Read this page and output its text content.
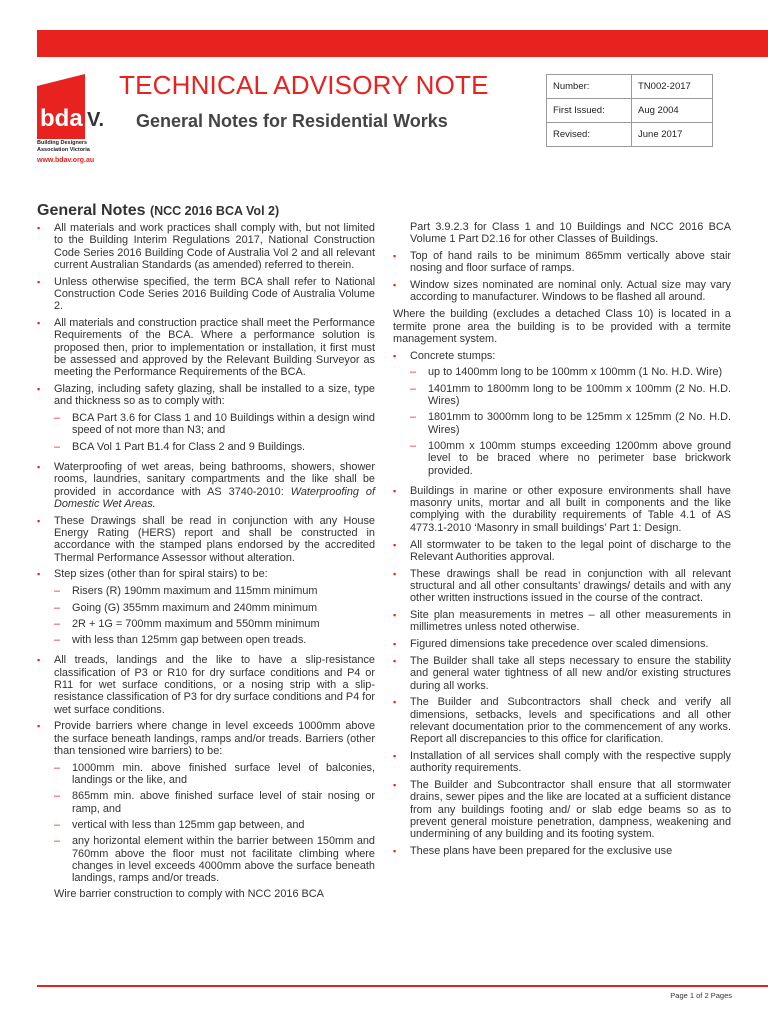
bda V.
Building Designers
Association Victoria
www.bdav.org.au
TECHNICAL ADVISORY NOTE
General Notes for Residential Works
Number:	TN002-2017
First Issued:	Aug 2004
Revised:	June 2017
General Notes (NCC 2016 BCA Vol 2)
▪ All materials and work practices shall comply with, but not limited to the Building Interim Regulations 2017, National Construction Code Series 2016 Building Code of Australia Vol 2 and all relevant current Australian Standards (as amended) referred to therein.
▪ Unless otherwise specified, the term BCA shall refer to National Construction Code Series 2016 Building Code of Australia Volume 2.
▪ All materials and construction practice shall meet the Performance Requirements of the BCA. Where a performance solution is proposed then, prior to implementation or installation, it first must be assessed and approved by the Relevant Building Surveyor as meeting the Performance Requirements of the BCA.
▪ Glazing, including safety glazing, shall be installed to a size, type and thickness so as to comply with:
– BCA Part 3.6 for Class 1 and 10 Buildings within a design wind speed of not more than N3; and
– BCA Vol 1 Part B1.4 for Class 2 and 9 Buildings.
▪ Waterproofing of wet areas, being bathrooms, showers, shower rooms, laundries, sanitary compartments and the like shall be provided in accordance with AS 3740-2010: Waterproofing of Domestic Wet Areas.
▪ These Drawings shall be read in conjunction with any House Energy Rating (HERS) report and shall be constructed in accordance with the stamped plans endorsed by the accredited Thermal Performance Assessor without alteration.
▪ Step sizes (other than for spiral stairs) to be:
– Risers (R) 190mm maximum and 115mm minimum
– Going (G) 355mm maximum and 240mm minimum
– 2R + 1G = 700mm maximum and 550mm minimum
– with less than 125mm gap between open treads.
▪ All treads, landings and the like to have a slip-resistance classification of P3 or R10 for dry surface conditions and P4 or R11 for wet surface conditions, or a nosing strip with a slip-resistance classification of P3 for dry surface conditions and P4 for wet surface conditions.
▪ Provide barriers where change in level exceeds 1000mm above the surface beneath landings, ramps and/or treads. Barriers (other than tensioned wire barriers) to be:
– 1000mm min. above finished surface level of balconies, landings or the like, and
– 865mm min. above finished surface level of stair nosing or ramp, and
– vertical with less than 125mm gap between, and
– any horizontal element within the barrier between 150mm and 760mm above the floor must not facilitate climbing where changes in level exceeds 4000mm above the surface beneath landings, ramps and/or treads.
Wire barrier construction to comply with NCC 2016 BCA
Part 3.9.2.3 for Class 1 and 10 Buildings and NCC 2016 BCA Volume 1 Part D2.16 for other Classes of Buildings.
▪ Top of hand rails to be minimum 865mm vertically above stair nosing and floor surface of ramps.
▪ Window sizes nominated are nominal only. Actual size may vary according to manufacturer. Windows to be flashed all around.
Where the building (excludes a detached Class 10) is located in a termite prone area the building is to be provided with a termite management system.
▪ Concrete stumps:
– up to 1400mm long to be 100mm x 100mm (1 No. H.D. Wire)
– 1401mm to 1800mm long to be 100mm x 100mm (2 No. H.D. Wires)
– 1801mm to 3000mm long to be 125mm x 125mm (2 No. H.D. Wires)
– 100mm x 100mm stumps exceeding 1200mm above ground level to be braced where no perimeter base brickwork provided.
▪ Buildings in marine or other exposure environments shall have masonry units, mortar and all built in components and the like complying with the durability requirements of Table 4.1 of AS 4773.1-2010 ‘Masonry in small buildings’ Part 1: Design.
▪ All stormwater to be taken to the legal point of discharge to the Relevant Authorities approval.
▪ These drawings shall be read in conjunction with all relevant structural and all other consultants’ drawings/ details and with any other written instructions issued in the course of the contract.
▪ Site plan measurements in metres – all other measurements in millimetres unless noted otherwise.
▪ Figured dimensions take precedence over scaled dimensions.
▪ The Builder shall take all steps necessary to ensure the stability and general water tightness of all new and/or existing structures during all works.
▪ The Builder and Subcontractors shall check and verify all dimensions, setbacks, levels and specifications and all other relevant documentation prior to the commencement of any works. Report all discrepancies to this office for clarification.
▪ Installation of all services shall comply with the respective supply authority requirements.
▪ The Builder and Subcontractor shall ensure that all stormwater drains, sewer pipes and the like are located at a sufficient distance from any buildings footing and/ or slab edge beams so as to prevent general moisture penetration, dampness, weakening and undermining of any building and its footing system.
▪ These plans have been prepared for the exclusive use
Page 1 of 2 Pages
